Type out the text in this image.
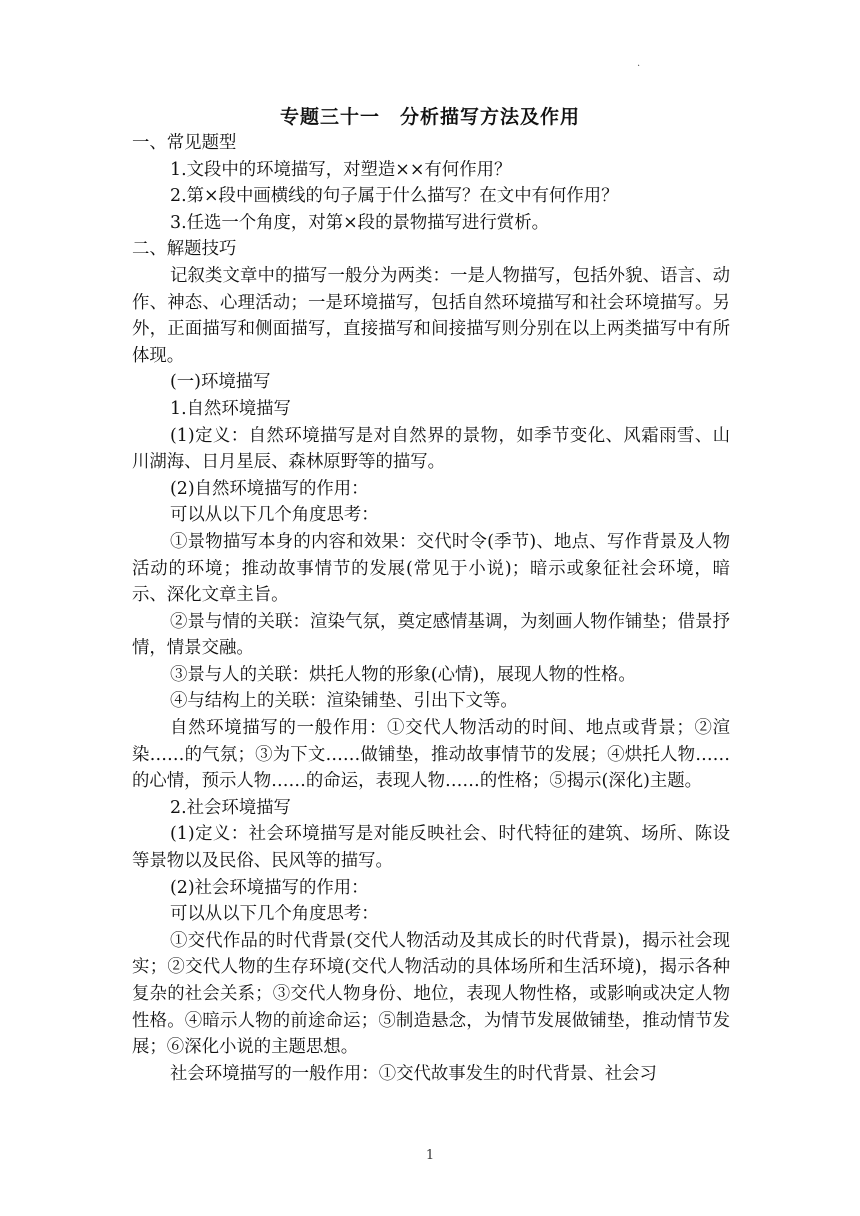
.
专题三十一　分析描写方法及作用

一、常见题型

1.文段中的环境描写，对塑造××有何作用？

2.第×段中画横线的句子属于什么描写？在文中有何作用？

3.任选一个角度，对第×段的景物描写进行赏析。

二、解题技巧

记叙类文章中的描写一般分为两类：一是人物描写，包括外貌、语言、动作、神态、心理活动；一是环境描写，包括自然环境描写和社会环境描写。另外，正面描写和侧面描写，直接描写和间接描写则分别在以上两类描写中有所体现。

(一)环境描写

1.自然环境描写

(1)定义：自然环境描写是对自然界的景物，如季节变化、风霜雨雪、山川湖海、日月星辰、森林原野等的描写。

(2)自然环境描写的作用：

可以从以下几个角度思考：

①景物描写本身的内容和效果：交代时令(季节)、地点、写作背景及人物活动的环境；推动故事情节的发展(常见于小说)；暗示或象征社会环境，暗示、深化文章主旨。

②景与情的关联：渲染气氛，奠定感情基调，为刻画人物作铺垫；借景抒情，情景交融。

③景与人的关联：烘托人物的形象(心情)，展现人物的性格。

④与结构上的关联：渲染铺垫、引出下文等。

自然环境描写的一般作用：①交代人物活动的时间、地点或背景；②渲染……的气氛；③为下文……做铺垫，推动故事情节的发展；④烘托人物……的心情，预示人物……的命运，表现人物……的性格；⑤揭示(深化)主题。

2.社会环境描写

(1)定义：社会环境描写是对能反映社会、时代特征的建筑、场所、陈设等景物以及民俗、民风等的描写。

(2)社会环境描写的作用：

可以从以下几个角度思考：

①交代作品的时代背景(交代人物活动及其成长的时代背景)，揭示社会现实；②交代人物的生存环境(交代人物活动的具体场所和生活环境)，揭示各种复杂的社会关系；③交代人物身份、地位，表现人物性格，或影响或决定人物性格。④暗示人物的前途命运；⑤制造悬念，为情节发展做铺垫，推动情节发展；⑥深化小说的主题思想。

社会环境描写的一般作用：①交代故事发生的时代背景、社会习

1
